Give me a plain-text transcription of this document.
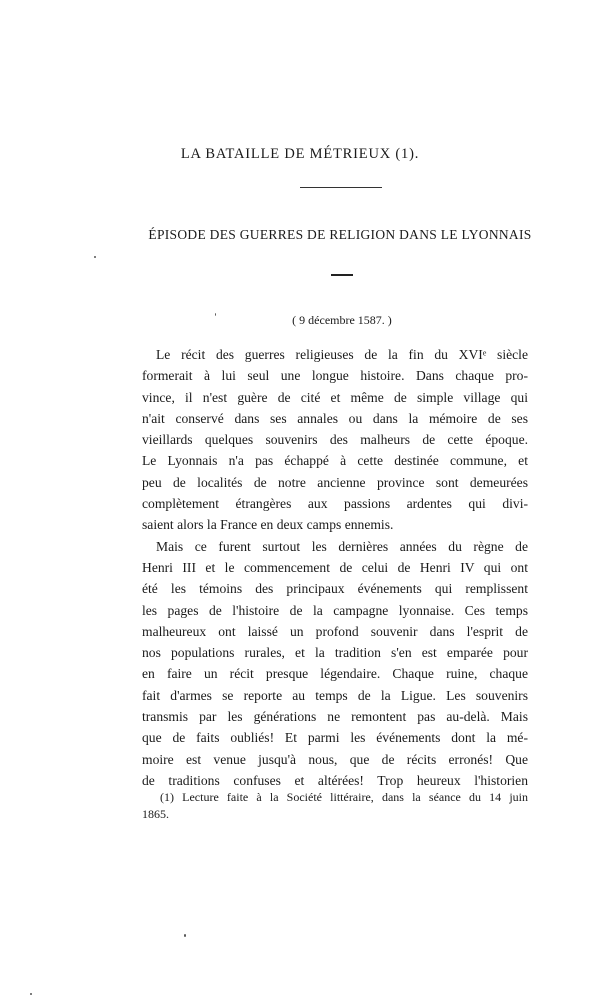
LA BATAILLE DE MÉTRIEUX (1).
ÉPISODE DES GUERRES DE RELIGION DANS LE LYONNAIS
( 9 décembre 1587. )
Le récit des guerres religieuses de la fin du XVIᵉ siècle
formerait à lui seul une longue histoire. Dans chaque pro-
vince, il n'est guère de cité et même de simple village qui
n'ait conservé dans ses annales ou dans la mémoire de ses
vieillards quelques souvenirs des malheurs de cette époque.
Le Lyonnais n'a pas échappé à cette destinée commune, et
peu de localités de notre ancienne province sont demeurées
complètement étrangères aux passions ardentes qui divi-
saient alors la France en deux camps ennemis.
Mais ce furent surtout les dernières années du règne de
Henri III et le commencement de celui de Henri IV qui ont
été les témoins des principaux événements qui remplissent
les pages de l'histoire de la campagne lyonnaise. Ces temps
malheureux ont laissé un profond souvenir dans l'esprit de
nos populations rurales, et la tradition s'en est emparée pour
en faire un récit presque légendaire. Chaque ruine, chaque
fait d'armes se reporte au temps de la Ligue. Les souvenirs
transmis par les générations ne remontent pas au-delà. Mais
que de faits oubliés! Et parmi les événements dont la mé-
moire est venue jusqu'à nous, que de récits erronés! Que
de traditions confuses et altérées! Trop heureux l'historien
(1) Lecture faite à la Société littéraire, dans la séance du 14 juin
1865.
